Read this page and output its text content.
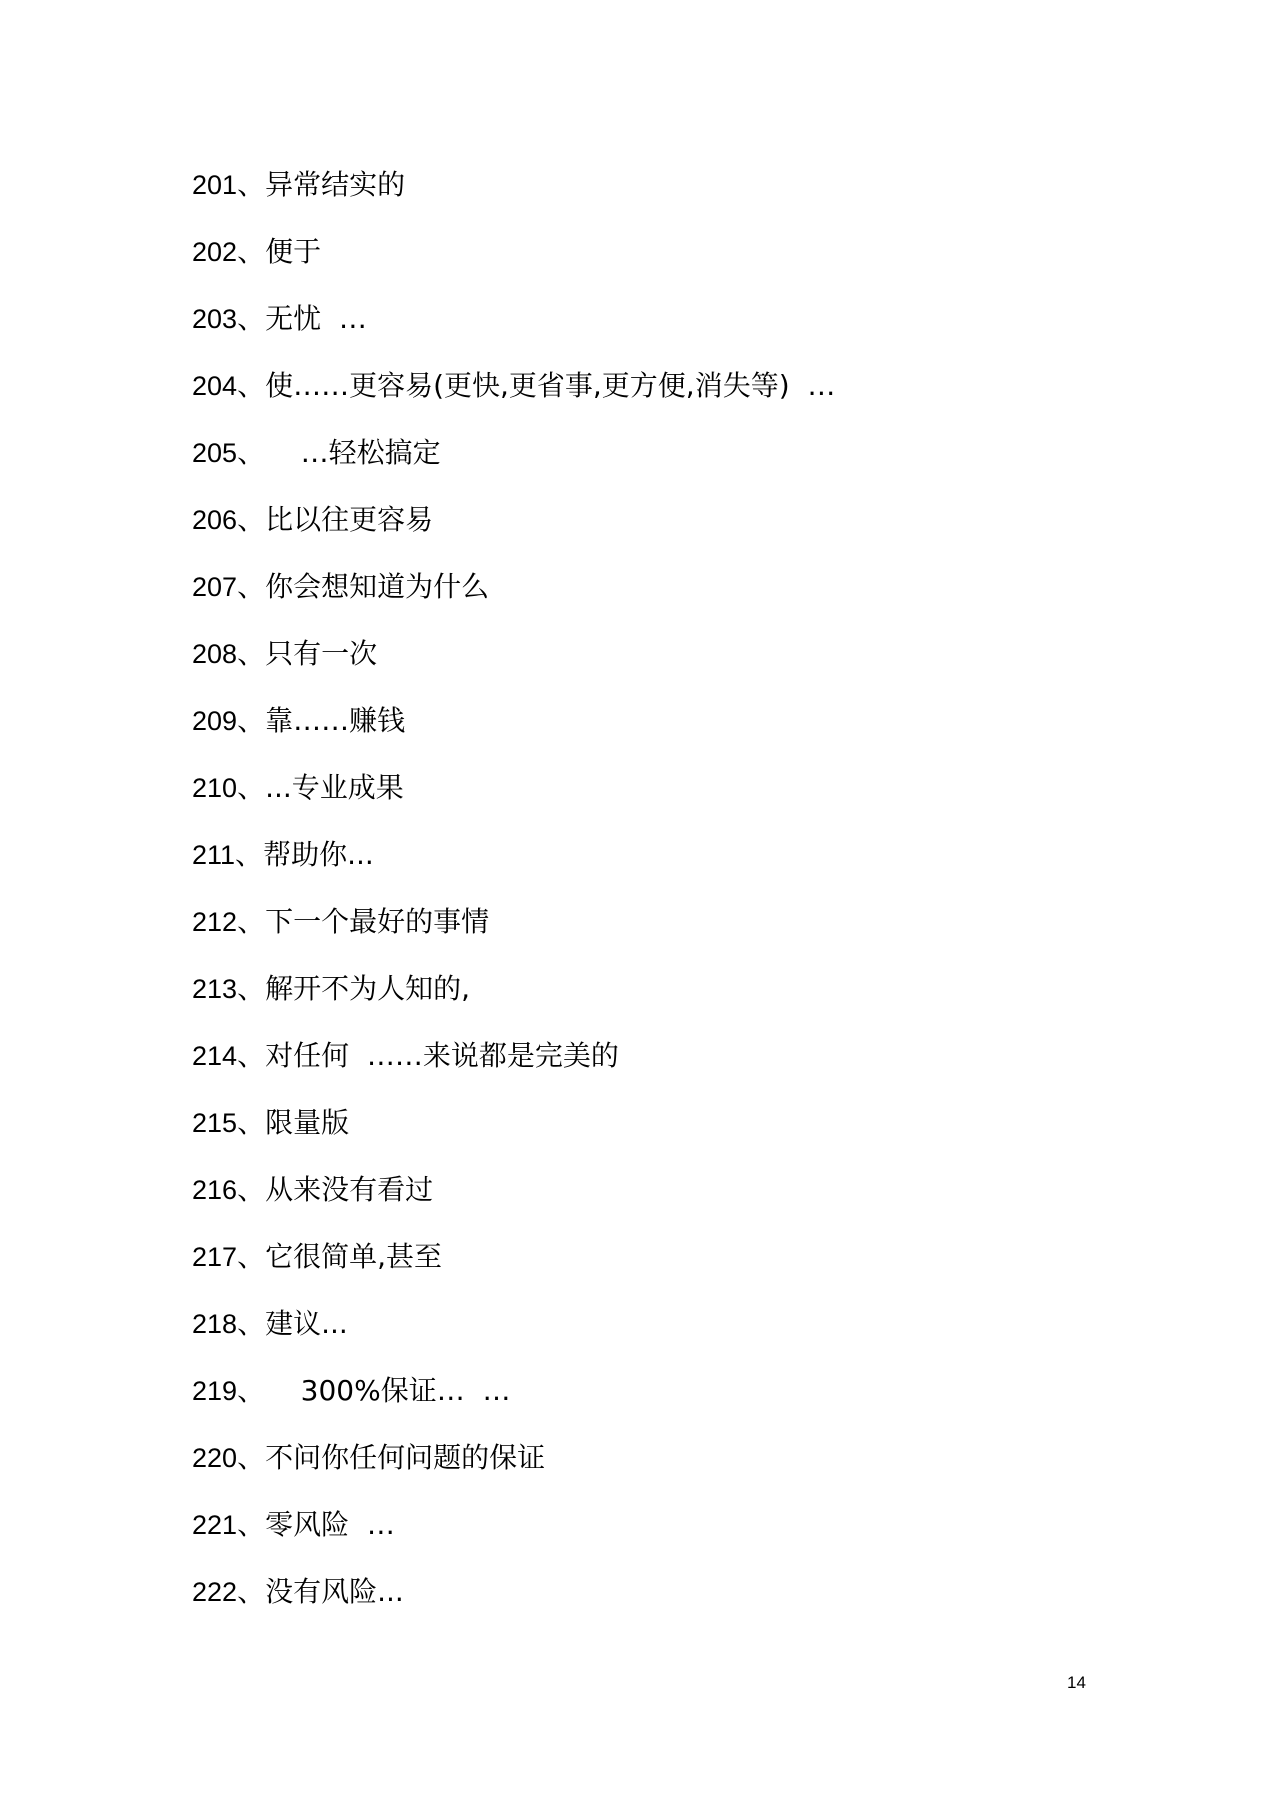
201 、 异常结实的
202 、 便于
203 、 无忧  …
204 、 使……更容易(更快,更省事,更方便,消失等)  …
205 、 …轻松搞定
206 、 比以往更容易
207 、 你会想知道为什么
208 、 只有一次
209 、 靠……赚钱
210 、 ...专业成果
211 、 帮助你...
212 、 下一个最好的事情
213 、 解开不为人知的,
214 、 对任何  ……来说都是完美的
215 、 限量版
216 、 从来没有看过
217 、 它很简单,甚至
218 、 建议...
219 、 300%保证…  …
220 、 不问你任何问题的保证
221 、 零风险  …
222 、 没有风险...
14
